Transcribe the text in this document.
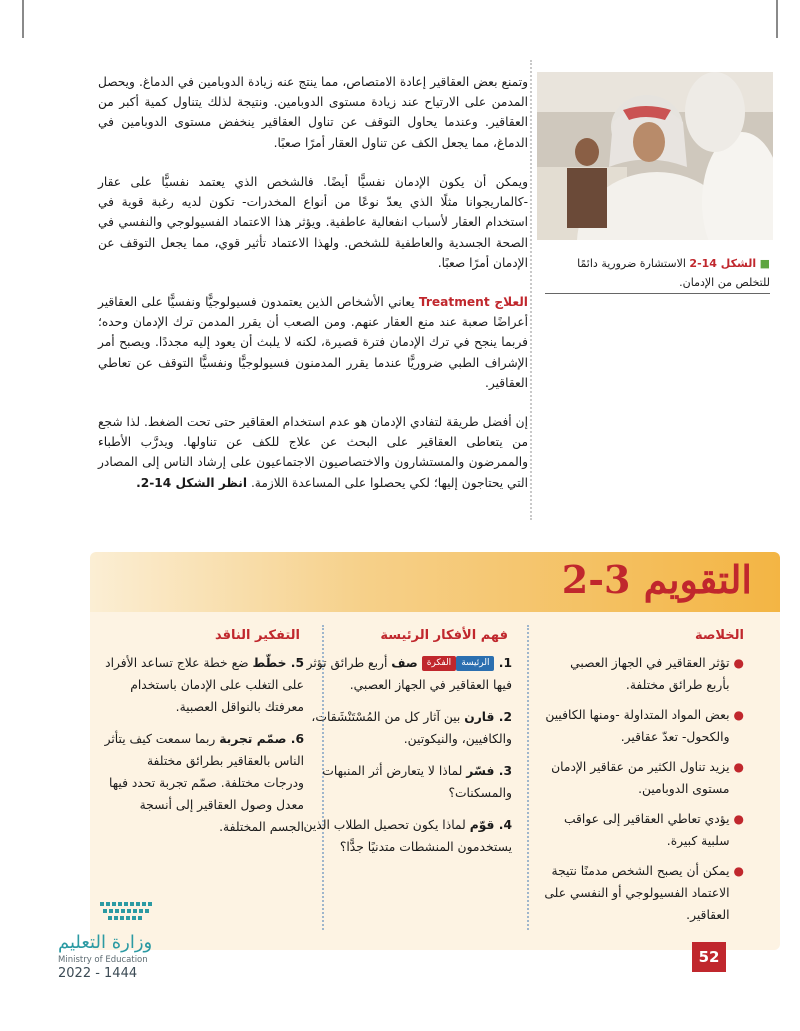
وتمنع بعض العقاقير إعادة الامتصاص، مما ينتج عنه زيادة الدوبامين في الدماغ. ويحصل المدمن على الارتياح عند زيادة مستوى الدوبامين. ونتيجة لذلك يتناول كمية أكبر من العقاقير. وعندما يحاول التوقف عن تناول العقاقير ينخفض مستوى الدوبامين في الدماغ، مما يجعل الكف عن تناول العقار أمرًا صعبًا.

ويمكن أن يكون الإدمان نفسيًّا أيضًا. فالشخص الذي يعتمد نفسيًّا على عقار -كالماريجوانا مثلًا الذي يعدّ نوعًا من أنواع المخدرات- تكون لديه رغبة قوية في استخدام العقار لأسباب انفعالية عاطفية. ويؤثر هذا الاعتماد الفسيولوجي والنفسي في الصحة الجسدية والعاطفية للشخص. ولهذا الاعتماد تأثير قوي، مما يجعل التوقف عن الإدمان أمرًا صعبًا.

العلاج Treatment يعاني الأشخاص الذين يعتمدون فسيولوجيًّا ونفسيًّا على العقاقير أعراضًا صعبة عند منع العقار عنهم. ومن الصعب أن يقرر المدمن ترك الإدمان وحده؛ فربما ينجح في ترك الإدمان فترة قصيرة، لكنه لا يلبث أن يعود إليه مجددًا. ويصبح أمر الإشراف الطبي ضروريًّا عندما يقرر المدمنون فسيولوجيًّا ونفسيًّا التوقف عن تعاطي العقاقير.

إن أفضل طريقة لتفادي الإدمان هو عدم استخدام العقاقير حتى تحت الضغط. لذا شجع من يتعاطى العقاقير على البحث عن علاج للكف عن تناولها. ويدرَّب الأطباء والممرضون والمستشارون والاختصاصيون الاجتماعيون على إرشاد الناس إلى المصادر التي يحتاجون إليها؛ لكي يحصلوا على المساعدة اللازمة. انظر الشكل 14-2.

■ الشكل 14-2 الاستشارة ضرورية دائمًا للتخلص من الإدمان.
التقويم 3-2
الخلاصة
●
تؤثر العقاقير في الجهاز العصبي بأربع طرائق مختلفة.
●
بعض المواد المتداولة -ومنها الكافيين والكحول- تعدّ عقاقير.
●
يزيد تناول الكثير من عقاقير الإدمان مستوى الدوبامين.
●
يؤدي تعاطي العقاقير إلى عواقب سلبية كبيرة.
●
يمكن أن يصبح الشخص مدمنًا نتيجة الاعتماد الفسيولوجي أو النفسي على العقاقير.
فهم الأفكار الرئيسة
1. الرئيسةالفكرة صف أربع طرائق تؤثر فيها العقاقير في الجهاز العصبي.
2. قارن بين آثار كل من المُسْتَنْشَقات، والكافيين، والنيكوتين.
3. فسّر لماذا لا يتعارض أثر المنبهات والمسكنات؟
4. قوّم لماذا يكون تحصيل الطلاب الذين يستخدمون المنشطات متدنيًا جدًّا؟
التفكير الناقد
5. خطّط ضع خطة علاج تساعد الأفراد على التغلب على الإدمان باستخدام معرفتك بالنواقل العصبية.
6. صمّم تجربة ربما سمعت كيف يتأثر الناس بالعقاقير بطرائق مختلفة ودرجات مختلفة. صمّم تجربة تحدد فيها معدل وصول العقاقير إلى أنسجة الجسم المختلفة.
52
وزارة التعليم
Ministry of Education
2022 - 1444
